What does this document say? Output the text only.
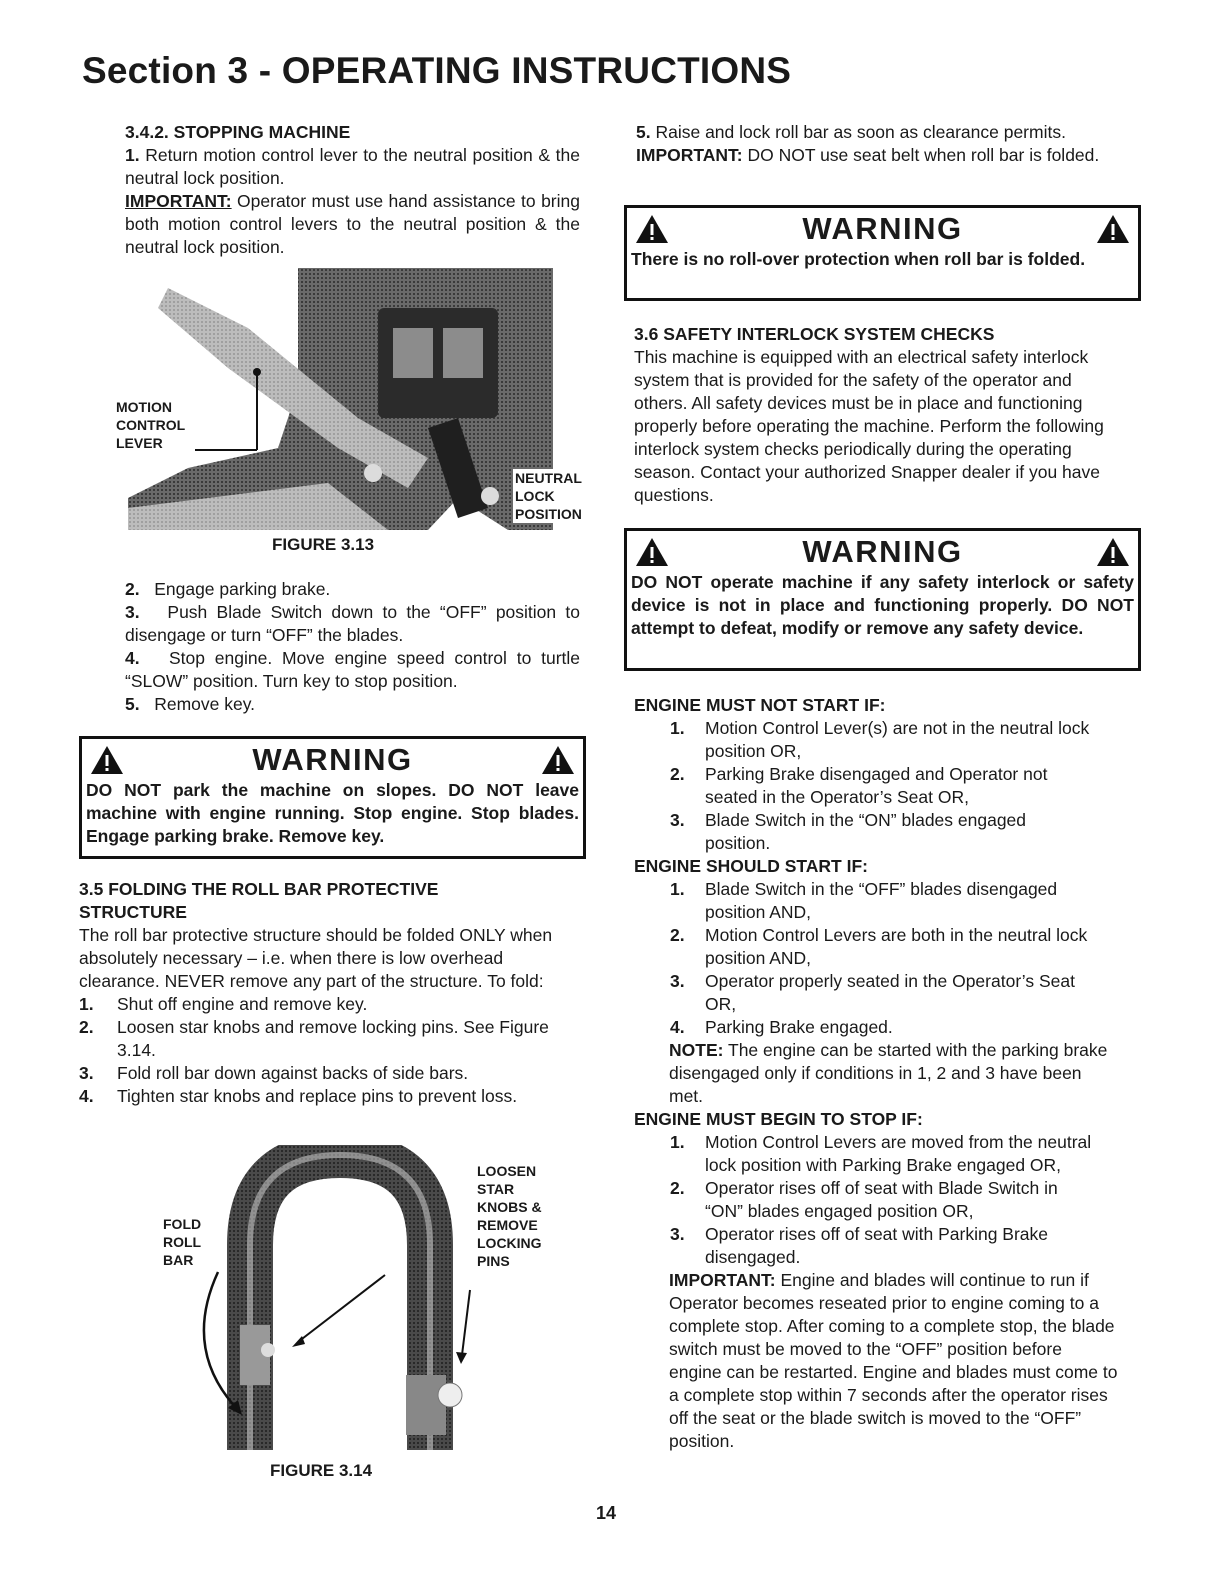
Section 3 - OPERATING INSTRUCTIONS

3.4.2. STOPPING MACHINE

1. Return motion control lever to the neutral position & the neutral lock position.

IMPORTANT: Operator must use hand assistance to bring both motion control levers to the neutral position & the neutral lock position.

MOTION
CONTROL
LEVER
NEUTRAL
LOCK
POSITION
FIGURE 3.13
2. Engage parking brake.

3. Push Blade Switch down to the “OFF” position to disengage or turn “OFF” the blades.

4. Stop engine. Move engine speed control to turtle “SLOW” position. Turn key to stop position.

5. Remove key.

WARNING
DO NOT park the machine on slopes. DO NOT leave machine with engine running. Stop engine. Stop blades. Engage parking brake. Remove key.

3.5 FOLDING THE ROLL BAR PROTECTIVE STRUCTURE

The roll bar protective structure should be folded ONLY when absolutely necessary – i.e. when there is low overhead clearance. NEVER remove any part of the structure. To fold:

1. Shut off engine and remove key.
2. Loosen star knobs and remove locking pins. See Figure 3.14.
3. Fold roll bar down against backs of side bars.
4. Tighten star knobs and replace pins to prevent loss.
FOLD
ROLL
BAR
LOOSEN
STAR
KNOBS &
REMOVE
LOCKING
PINS
FIGURE 3.14

5. Raise and lock roll bar as soon as clearance permits.

IMPORTANT: DO NOT use seat belt when roll bar is folded.

WARNING
There is no roll-over protection when roll bar is folded.

3.6 SAFETY INTERLOCK SYSTEM CHECKS

This machine is equipped with an electrical safety interlock system that is provided for the safety of the operator and others. All safety devices must be in place and functioning properly before operating the machine. Perform the following interlock system checks periodically during the operating season. Contact your authorized Snapper dealer if you have questions.

WARNING
DO NOT operate machine if any safety interlock or safety device is not in place and functioning properly. DO NOT attempt to defeat, modify or remove any safety device.

ENGINE MUST NOT START IF:

1. Motion Control Lever(s) are not in the neutral lock position OR,
2. Parking Brake disengaged and Operator not seated in the Operator’s Seat OR,
3. Blade Switch in the “ON” blades engaged position.

ENGINE SHOULD START IF:

1. Blade Switch in the “OFF” blades disengaged position AND,
2. Motion Control Levers are both in the neutral lock position AND,
3. Operator properly seated in the Operator’s Seat OR,
4. Parking Brake engaged.

NOTE: The engine can be started with the parking brake disengaged only if conditions in 1, 2 and 3 have been met.

ENGINE MUST BEGIN TO STOP IF:

1. Motion Control Levers are moved from the neutral lock position with Parking Brake engaged OR,
2. Operator rises off of seat with Blade Switch in “ON” blades engaged position OR,
3. Operator rises off of seat with Parking Brake disengaged.

IMPORTANT: Engine and blades will continue to run if Operator becomes reseated prior to engine coming to a complete stop. After coming to a complete stop, the blade switch must be moved to the “OFF” position before engine can be restarted. Engine and blades must come to a complete stop within 7 seconds after the operator rises off the seat or the blade switch is moved to the “OFF” position.

14
